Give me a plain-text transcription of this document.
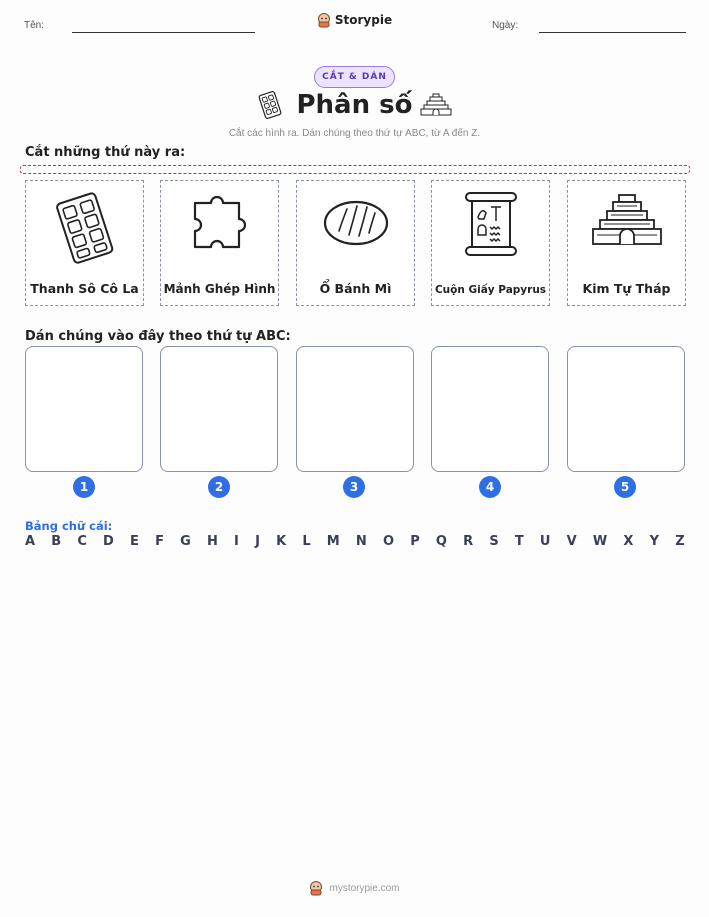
Tên:	Storypie	Ngày:
CẮT & DÁN
Phân số
Cắt các hình ra. Dán chúng theo thứ tự ABC, từ A đến Z.
Cắt những thứ này ra:
Thanh Sô Cô La	Mảnh Ghép Hình	Ổ Bánh Mì	Cuộn Giấy Papyrus	Kim Tự Tháp
Dán chúng vào đây theo thứ tự ABC:
1	2	3	4	5
Bảng chữ cái:
A B C D E F G H I J K L M N O P Q R S T U V W X Y Z
mystorypie.com
